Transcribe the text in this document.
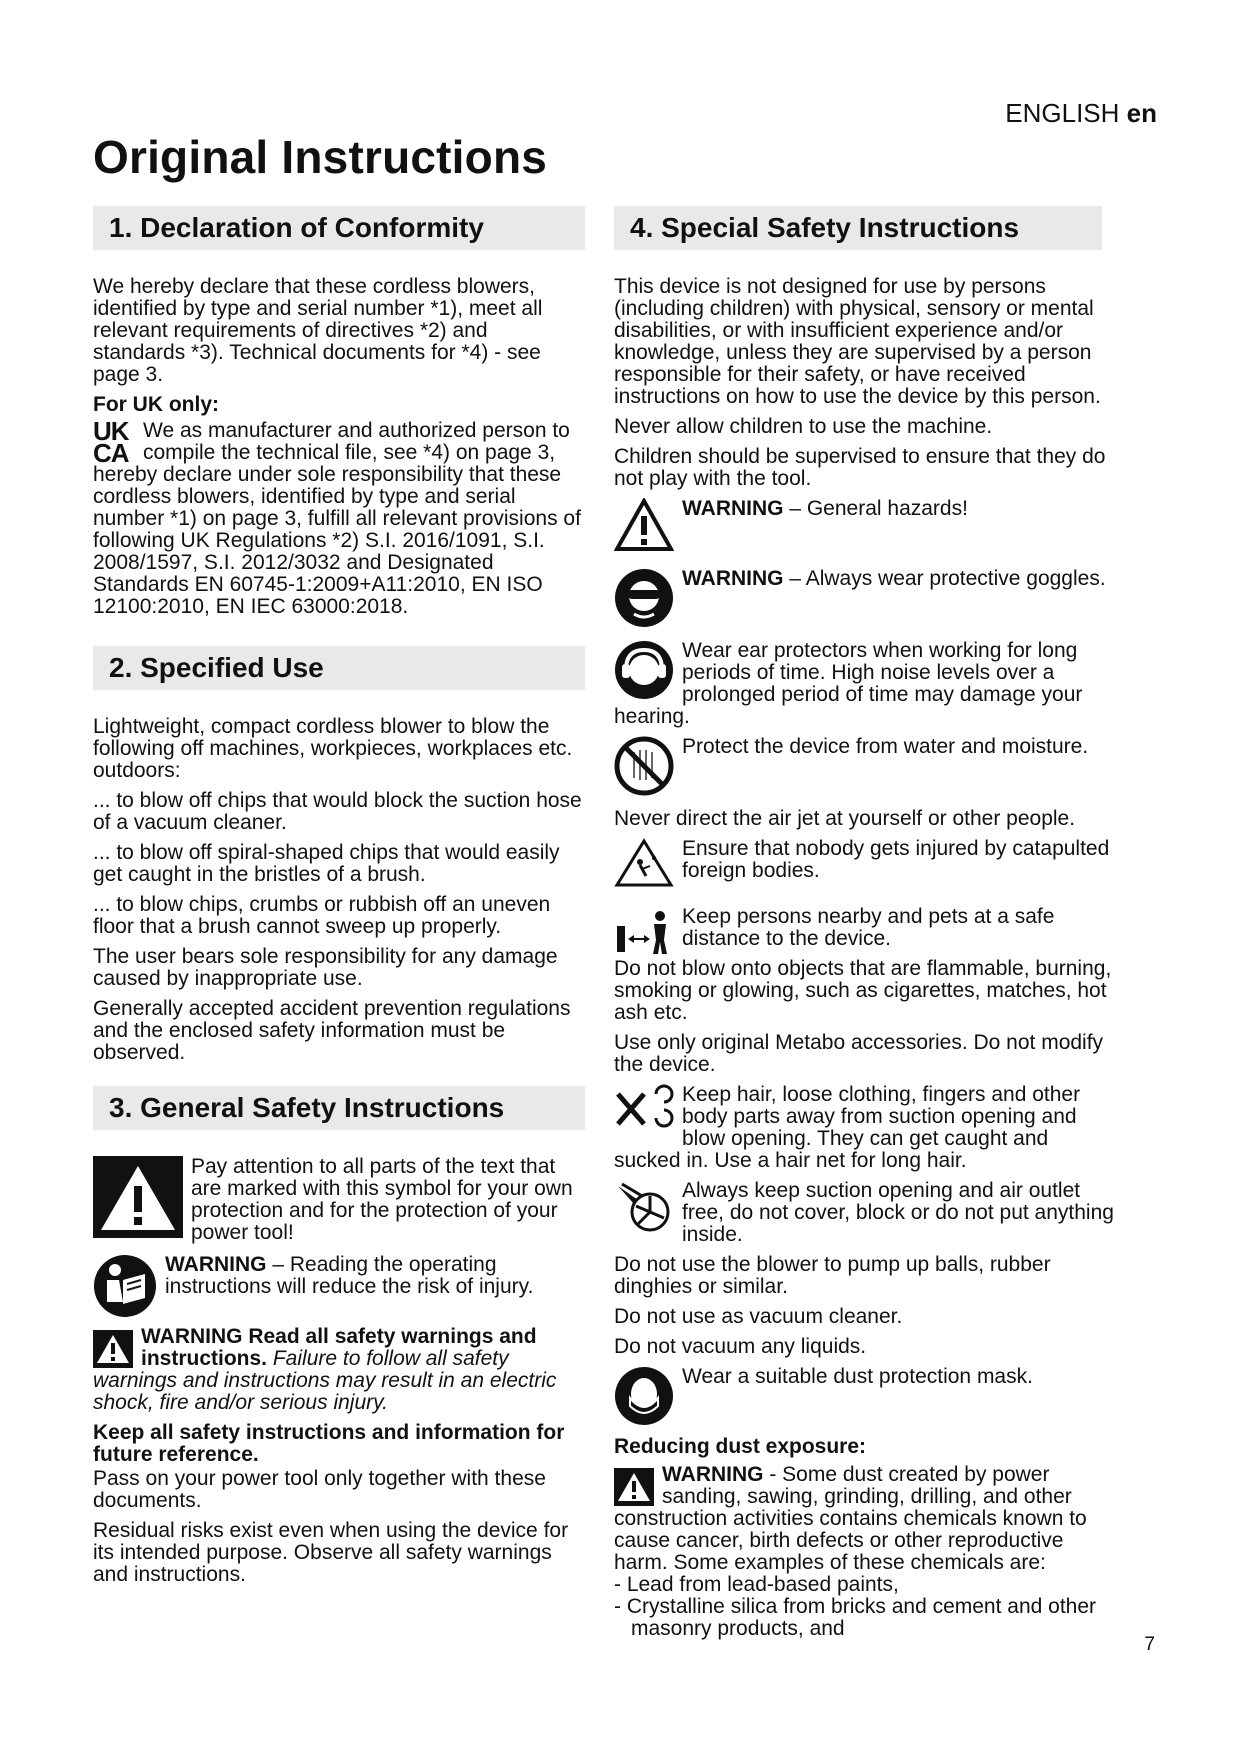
ENGLISH en
Original Instructions
1. Declaration of Conformity

We hereby declare that these cordless blowers, identified by type and serial number *1), meet all relevant requirements of directives *2) and standards *3). Technical documents for *4) - see page 3.

For UK only:

UK
CA

We as manufacturer and authorized person to compile the technical file, see *4) on page 3, hereby declare under sole responsibility that these cordless blowers, identified by type and serial number *1) on page 3, fulfill all relevant provisions of following UK Regulations *2) S.I. 2016/1091, S.I. 2008/1597, S.I. 2012/3032 and Designated Standards EN 60745-1:2009+A11:2010, EN ISO 12100:2010, EN IEC 63000:2018.

2. Specified Use

Lightweight, compact cordless blower to blow the following off machines, workpieces, workplaces etc. outdoors:

... to blow off chips that would block the suction hose of a vacuum cleaner.

... to blow off spiral-shaped chips that would easily get caught in the bristles of a brush.

... to blow chips, crumbs or rubbish off an uneven floor that a brush cannot sweep up properly.

The user bears sole responsibility for any damage caused by inappropriate use.

Generally accepted accident prevention regulations and the enclosed safety information must be observed.

3. General Safety Instructions

Pay attention to all parts of the text that are marked with this symbol for your own protection and for the protection of your power tool!

WARNING – Reading the operating instructions will reduce the risk of injury.

WARNING Read all safety warnings and instructions. Failure to follow all safety warnings and instructions may result in an electric shock, fire and/or serious injury.

Keep all safety instructions and information for future reference.

Pass on your power tool only together with these documents.

Residual risks exist even when using the device for its intended purpose. Observe all safety warnings and instructions.

4. Special Safety Instructions

This device is not designed for use by persons (including children) with physical, sensory or mental disabilities, or with insufficient experience and/or knowledge, unless they are supervised by a person responsible for their safety, or have received instructions on how to use the device by this person.

Never allow children to use the machine.

Children should be supervised to ensure that they do not play with the tool.

WARNING – General hazards!

WARNING – Always wear protective goggles.

Wear ear protectors when working for long periods of time. High noise levels over a prolonged period of time may damage your hearing.

Protect the device from water and moisture.

Never direct the air jet at yourself or other people.

Ensure that nobody gets injured by catapulted foreign bodies.

Keep persons nearby and pets at a safe distance to the device.

Do not blow onto objects that are flammable, burning, smoking or glowing, such as cigarettes, matches, hot ash etc.

Use only original Metabo accessories. Do not modify the device.

Keep hair, loose clothing, fingers and other body parts away from suction opening and blow opening. They can get caught and sucked in. Use a hair net for long hair.

Always keep suction opening and air outlet free, do not cover, block or do not put anything inside.

Do not use the blower to pump up balls, rubber dinghies or similar.

Do not use as vacuum cleaner.

Do not vacuum any liquids.

Wear a suitable dust protection mask.

Reducing dust exposure:

WARNING - Some dust created by power sanding, sawing, grinding, drilling, and other construction activities contains chemicals known to cause cancer, birth defects or other reproductive harm. Some examples of these chemicals are:

- Lead from lead-based paints,
- Crystalline silica from bricks and cement and other masonry products, and
7
